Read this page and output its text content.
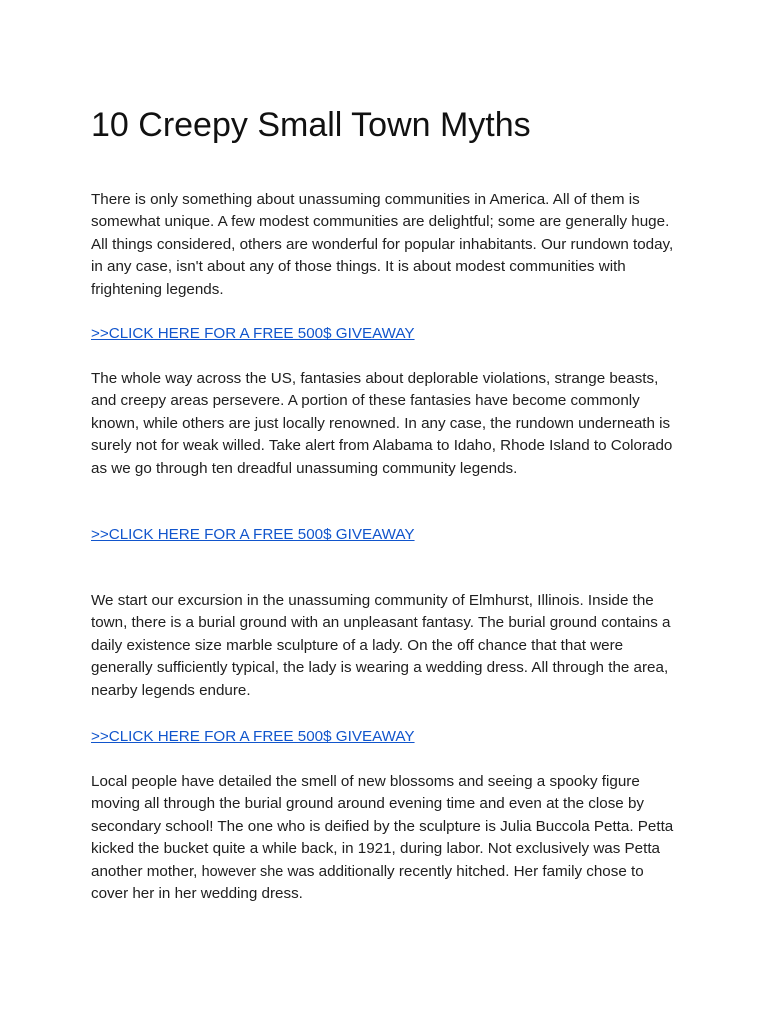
10 Creepy Small Town Myths

There is only something about unassuming communities in America. All of them is somewhat unique. A few modest communities are delightful; some are generally huge. All things considered, others are wonderful for popular inhabitants. Our rundown today, in any case, isn't about any of those things. It is about modest communities with frightening legends.

>>CLICK HERE FOR A FREE 500$ GIVEAWAY

The whole way across the US, fantasies about deplorable violations, strange beasts, and creepy areas persevere. A portion of these fantasies have become commonly known, while others are just locally renowned. In any case, the rundown underneath is surely not for weak willed. Take alert from Alabama to Idaho, Rhode Island to Colorado as we go through ten dreadful unassuming community legends.

>>CLICK HERE FOR A FREE 500$ GIVEAWAY

We start our excursion in the unassuming community of Elmhurst, Illinois. Inside the town, there is a burial ground with an unpleasant fantasy. The burial ground contains a daily existence size marble sculpture of a lady. On the off chance that that were generally sufficiently typical, the lady is wearing a wedding dress. All through the area, nearby legends endure.

>>CLICK HERE FOR A FREE 500$ GIVEAWAY

Local people have detailed the smell of new blossoms and seeing a spooky figure moving all through the burial ground around evening time and even at the close by secondary school! The one who is deified by the sculpture is Julia Buccola Petta. Petta kicked the bucket quite a while back, in 1921, during labor. Not exclusively was Petta another mother, however she was additionally recently hitched. Her family chose to cover her in her wedding dress.
